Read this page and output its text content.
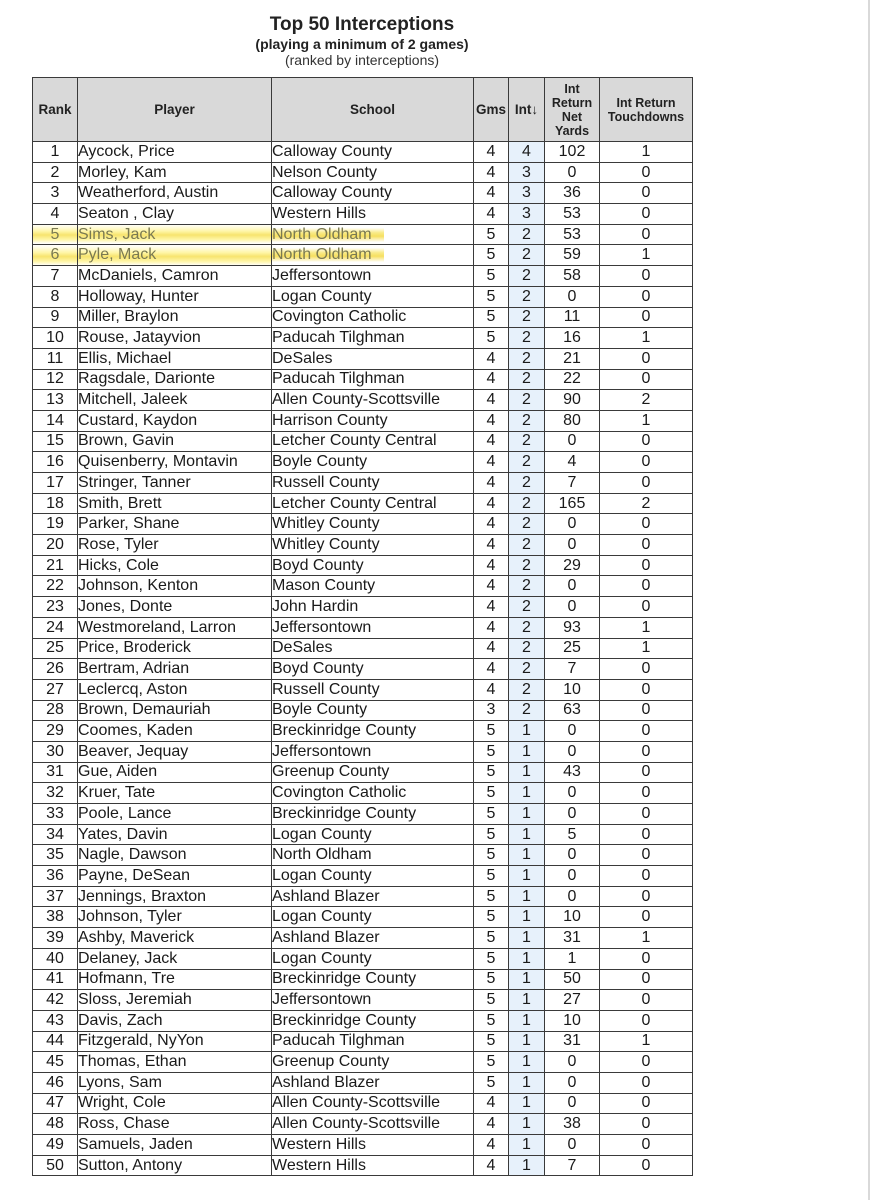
Top 50 Interceptions
(playing a minimum of 2 games)
(ranked by interceptions)
Rank	Player	School	Gms	Int↓	Int Return Net Yards	Int Return Touchdowns
1	Aycock, Price	Calloway County	4	4	102	1
2	Morley, Kam	Nelson County	4	3	0	0
3	Weatherford, Austin	Calloway County	4	3	36	0
4	Seaton , Clay	Western Hills	4	3	53	0
5	Sims, Jack	North Oldham	5	2	53	0
6	Pyle, Mack	North Oldham	5	2	59	1
7	McDaniels, Camron	Jeffersontown	5	2	58	0
8	Holloway, Hunter	Logan County	5	2	0	0
9	Miller, Braylon	Covington Catholic	5	2	11	0
10	Rouse, Jatayvion	Paducah Tilghman	5	2	16	1
11	Ellis, Michael	DeSales	4	2	21	0
12	Ragsdale, Darionte	Paducah Tilghman	4	2	22	0
13	Mitchell, Jaleek	Allen County-Scottsville	4	2	90	2
14	Custard, Kaydon	Harrison County	4	2	80	1
15	Brown, Gavin	Letcher County Central	4	2	0	0
16	Quisenberry, Montavin	Boyle County	4	2	4	0
17	Stringer, Tanner	Russell County	4	2	7	0
18	Smith, Brett	Letcher County Central	4	2	165	2
19	Parker, Shane	Whitley County	4	2	0	0
20	Rose, Tyler	Whitley County	4	2	0	0
21	Hicks, Cole	Boyd County	4	2	29	0
22	Johnson, Kenton	Mason County	4	2	0	0
23	Jones, Donte	John Hardin	4	2	0	0
24	Westmoreland, Larron	Jeffersontown	4	2	93	1
25	Price, Broderick	DeSales	4	2	25	1
26	Bertram, Adrian	Boyd County	4	2	7	0
27	Leclercq, Aston	Russell County	4	2	10	0
28	Brown, Demauriah	Boyle County	3	2	63	0
29	Coomes, Kaden	Breckinridge County	5	1	0	0
30	Beaver, Jequay	Jeffersontown	5	1	0	0
31	Gue, Aiden	Greenup County	5	1	43	0
32	Kruer, Tate	Covington Catholic	5	1	0	0
33	Poole, Lance	Breckinridge County	5	1	0	0
34	Yates, Davin	Logan County	5	1	5	0
35	Nagle, Dawson	North Oldham	5	1	0	0
36	Payne, DeSean	Logan County	5	1	0	0
37	Jennings, Braxton	Ashland Blazer	5	1	0	0
38	Johnson, Tyler	Logan County	5	1	10	0
39	Ashby, Maverick	Ashland Blazer	5	1	31	1
40	Delaney, Jack	Logan County	5	1	1	0
41	Hofmann, Tre	Breckinridge County	5	1	50	0
42	Sloss, Jeremiah	Jeffersontown	5	1	27	0
43	Davis, Zach	Breckinridge County	5	1	10	0
44	Fitzgerald, NyYon	Paducah Tilghman	5	1	31	1
45	Thomas, Ethan	Greenup County	5	1	0	0
46	Lyons, Sam	Ashland Blazer	5	1	0	0
47	Wright, Cole	Allen County-Scottsville	4	1	0	0
48	Ross, Chase	Allen County-Scottsville	4	1	38	0
49	Samuels, Jaden	Western Hills	4	1	0	0
50	Sutton, Antony	Western Hills	4	1	7	0
